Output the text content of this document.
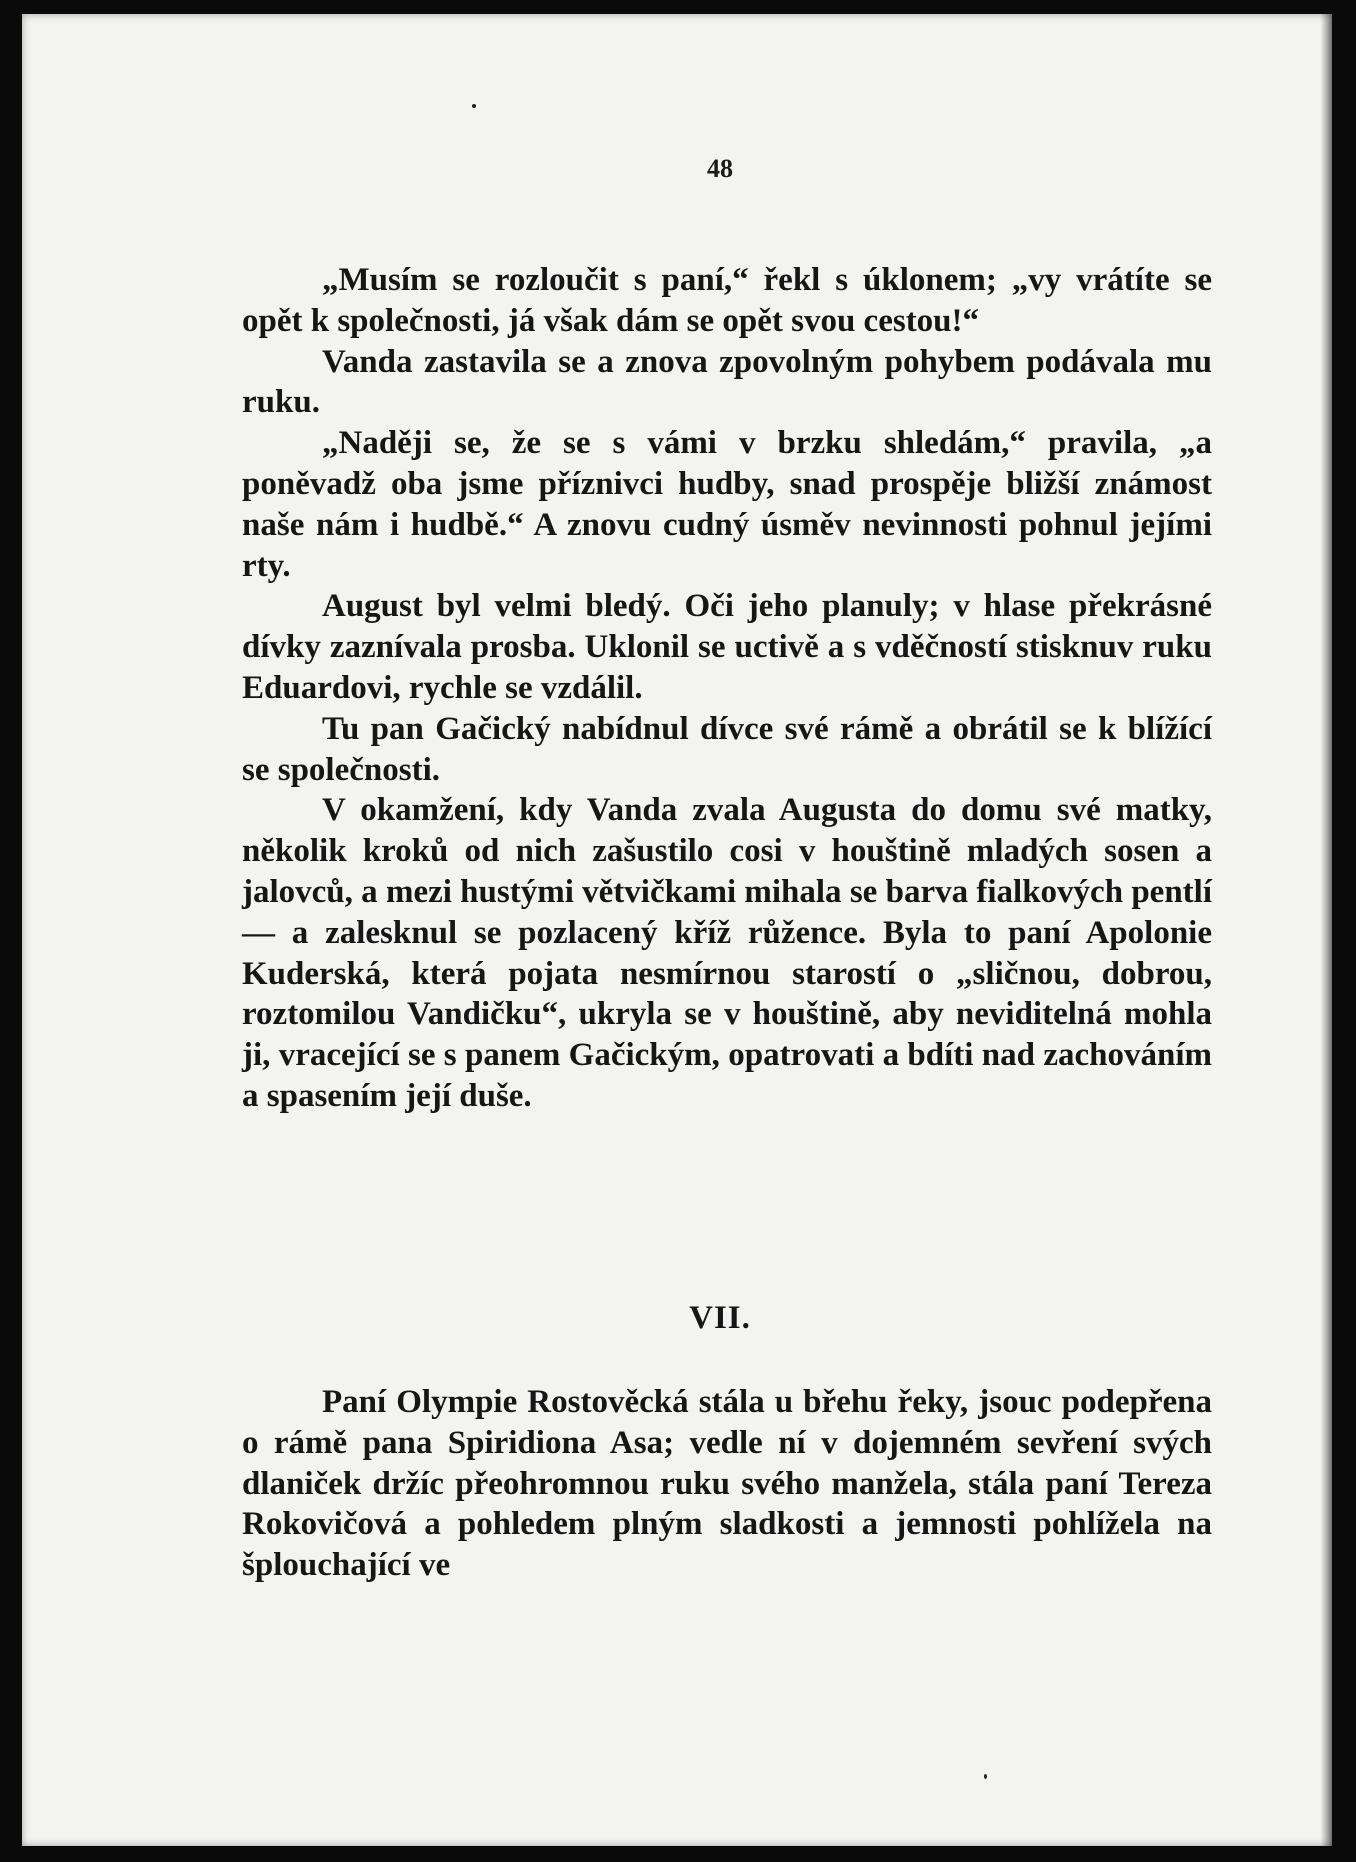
48

„Musím se rozloučit s paní,“ řekl s úklonem; „vy vrátíte se opět k společnosti, já však dám se opět svou cestou!“

Vanda zastavila se a znova zpovolným pohybem podávala mu ruku.

„Naději se, že se s vámi v brzku shledám,“ pravila, „a poněvadž oba jsme příznivci hudby, snad prospěje bližší známost naše nám i hudbě.“ A znovu cudný úsměv nevinnosti pohnul jejími rty.

August byl velmi bledý. Oči jeho planuly; v hlase překrásné dívky zaznívala prosba. Uklonil se uctivě a s vděčností stisknuv ruku Eduardovi, rychle se vzdálil.

Tu pan Gačický nabídnul dívce své rámě a obrátil se k blížící se společnosti.

V okamžení, kdy Vanda zvala Augusta do domu své matky, několik kroků od nich zašustilo cosi v houštině mladých sosen a jalovců, a mezi hustými větvičkami mihala se barva fialkových pentlí — a zalesknul se pozlacený kříž růžence. Byla to paní Apolonie Kuderská, která pojata nesmírnou starostí o „sličnou, dobrou, roztomilou Vandičku“, ukryla se v houštině, aby neviditelná mohla ji, vracející se s panem Gačickým, opatrovati a bdíti nad zachováním a spasením její duše.

VII.

Paní Olympie Rostověcká stála u břehu řeky, jsouc podepřena o rámě pana Spiridiona Asa; vedle ní v dojemném sevření svých dlaniček držíc přeohromnou ruku svého manžela, stála paní Tereza Rokovičová a pohledem plným sladkosti a jemnosti pohlížela na šplouchající ve
